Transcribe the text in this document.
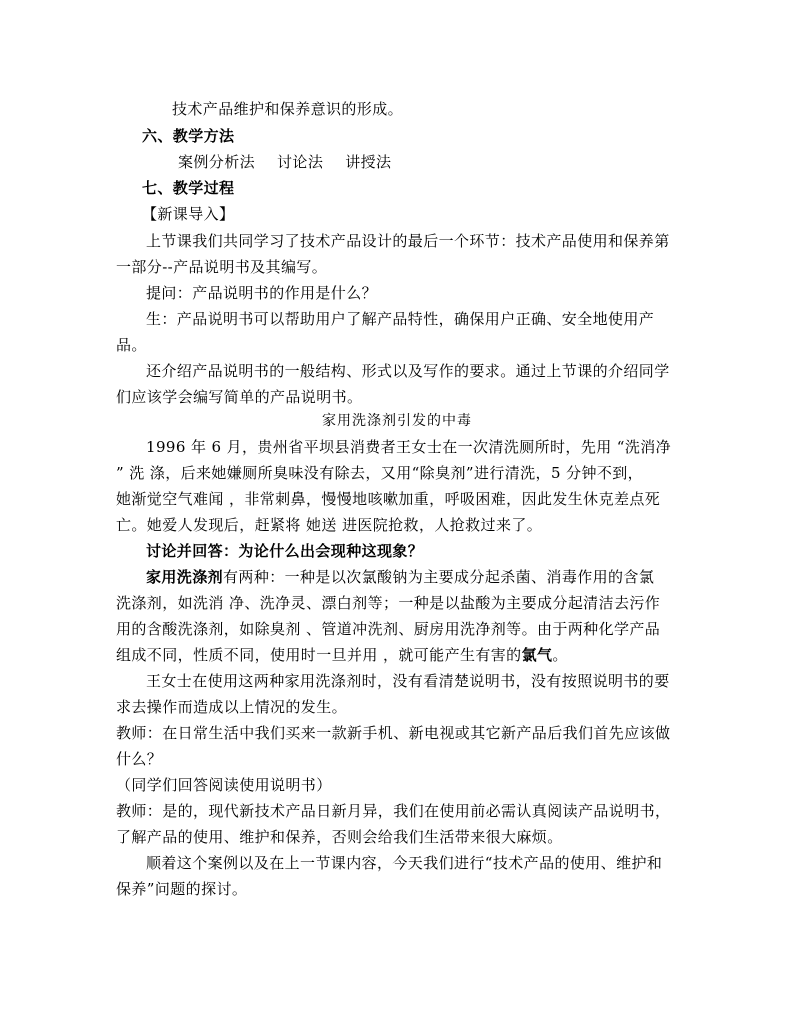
技术产品维护和保养意识的形成。
六、教学方法
案例分析法 讨论法 讲授法
七、教学过程
【新课导入】
上节课我们共同学习了技术产品设计的最后一个环节：技术产品使用和保养第
一部分--产品说明书及其编写。
提问：产品说明书的作用是什么？
生：产品说明书可以帮助用户了解产品特性，确保用户正确、安全地使用产
品。
还介绍产品说明书的一般结构、形式以及写作的要求。通过上节课的介绍同学
们应该学会编写简单的产品说明书。
家用洗涤剂引发的中毒
1996 年 6 月，贵州省平坝县消费者王女士在一次清洗厕所时，先用 “洗消净
” 洗 涤，后来她嫌厕所臭味没有除去，又用“除臭剂”进行清洗，5 分钟不到，
她渐觉空气难闻 ，非常刺鼻，慢慢地咳嗽加重，呼吸困难，因此发生休克差点死
亡。她爱人发现后，赶紧将 她送 进医院抢救，人抢救过来了。
讨论并回答：为论什么出会现种这现象？
家用洗涤剂有两种：一种是以次氯酸钠为主要成分起杀菌、消毒作用的含氯
洗涤剂，如洗消 净、洗净灵、漂白剂等；一种是以盐酸为主要成分起清洁去污作
用的含酸洗涤剂，如除臭剂 、管道冲洗剂、厨房用洗净剂等。由于两种化学产品
组成不同，性质不同，使用时一旦并用 ，就可能产生有害的氯气。
王女士在使用这两种家用洗涤剂时，没有看清楚说明书，没有按照说明书的要
求去操作而造成以上情况的发生。
教师：在日常生活中我们买来一款新手机、新电视或其它新产品后我们首先应该做
什么？
（同学们回答阅读使用说明书）
教师：是的，现代新技术产品日新月异，我们在使用前必需认真阅读产品说明书，
了解产品的使用、维护和保养，否则会给我们生活带来很大麻烦。
顺着这个案例以及在上一节课内容，今天我们进行“技术产品的使用、维护和
保养”问题的探讨。
